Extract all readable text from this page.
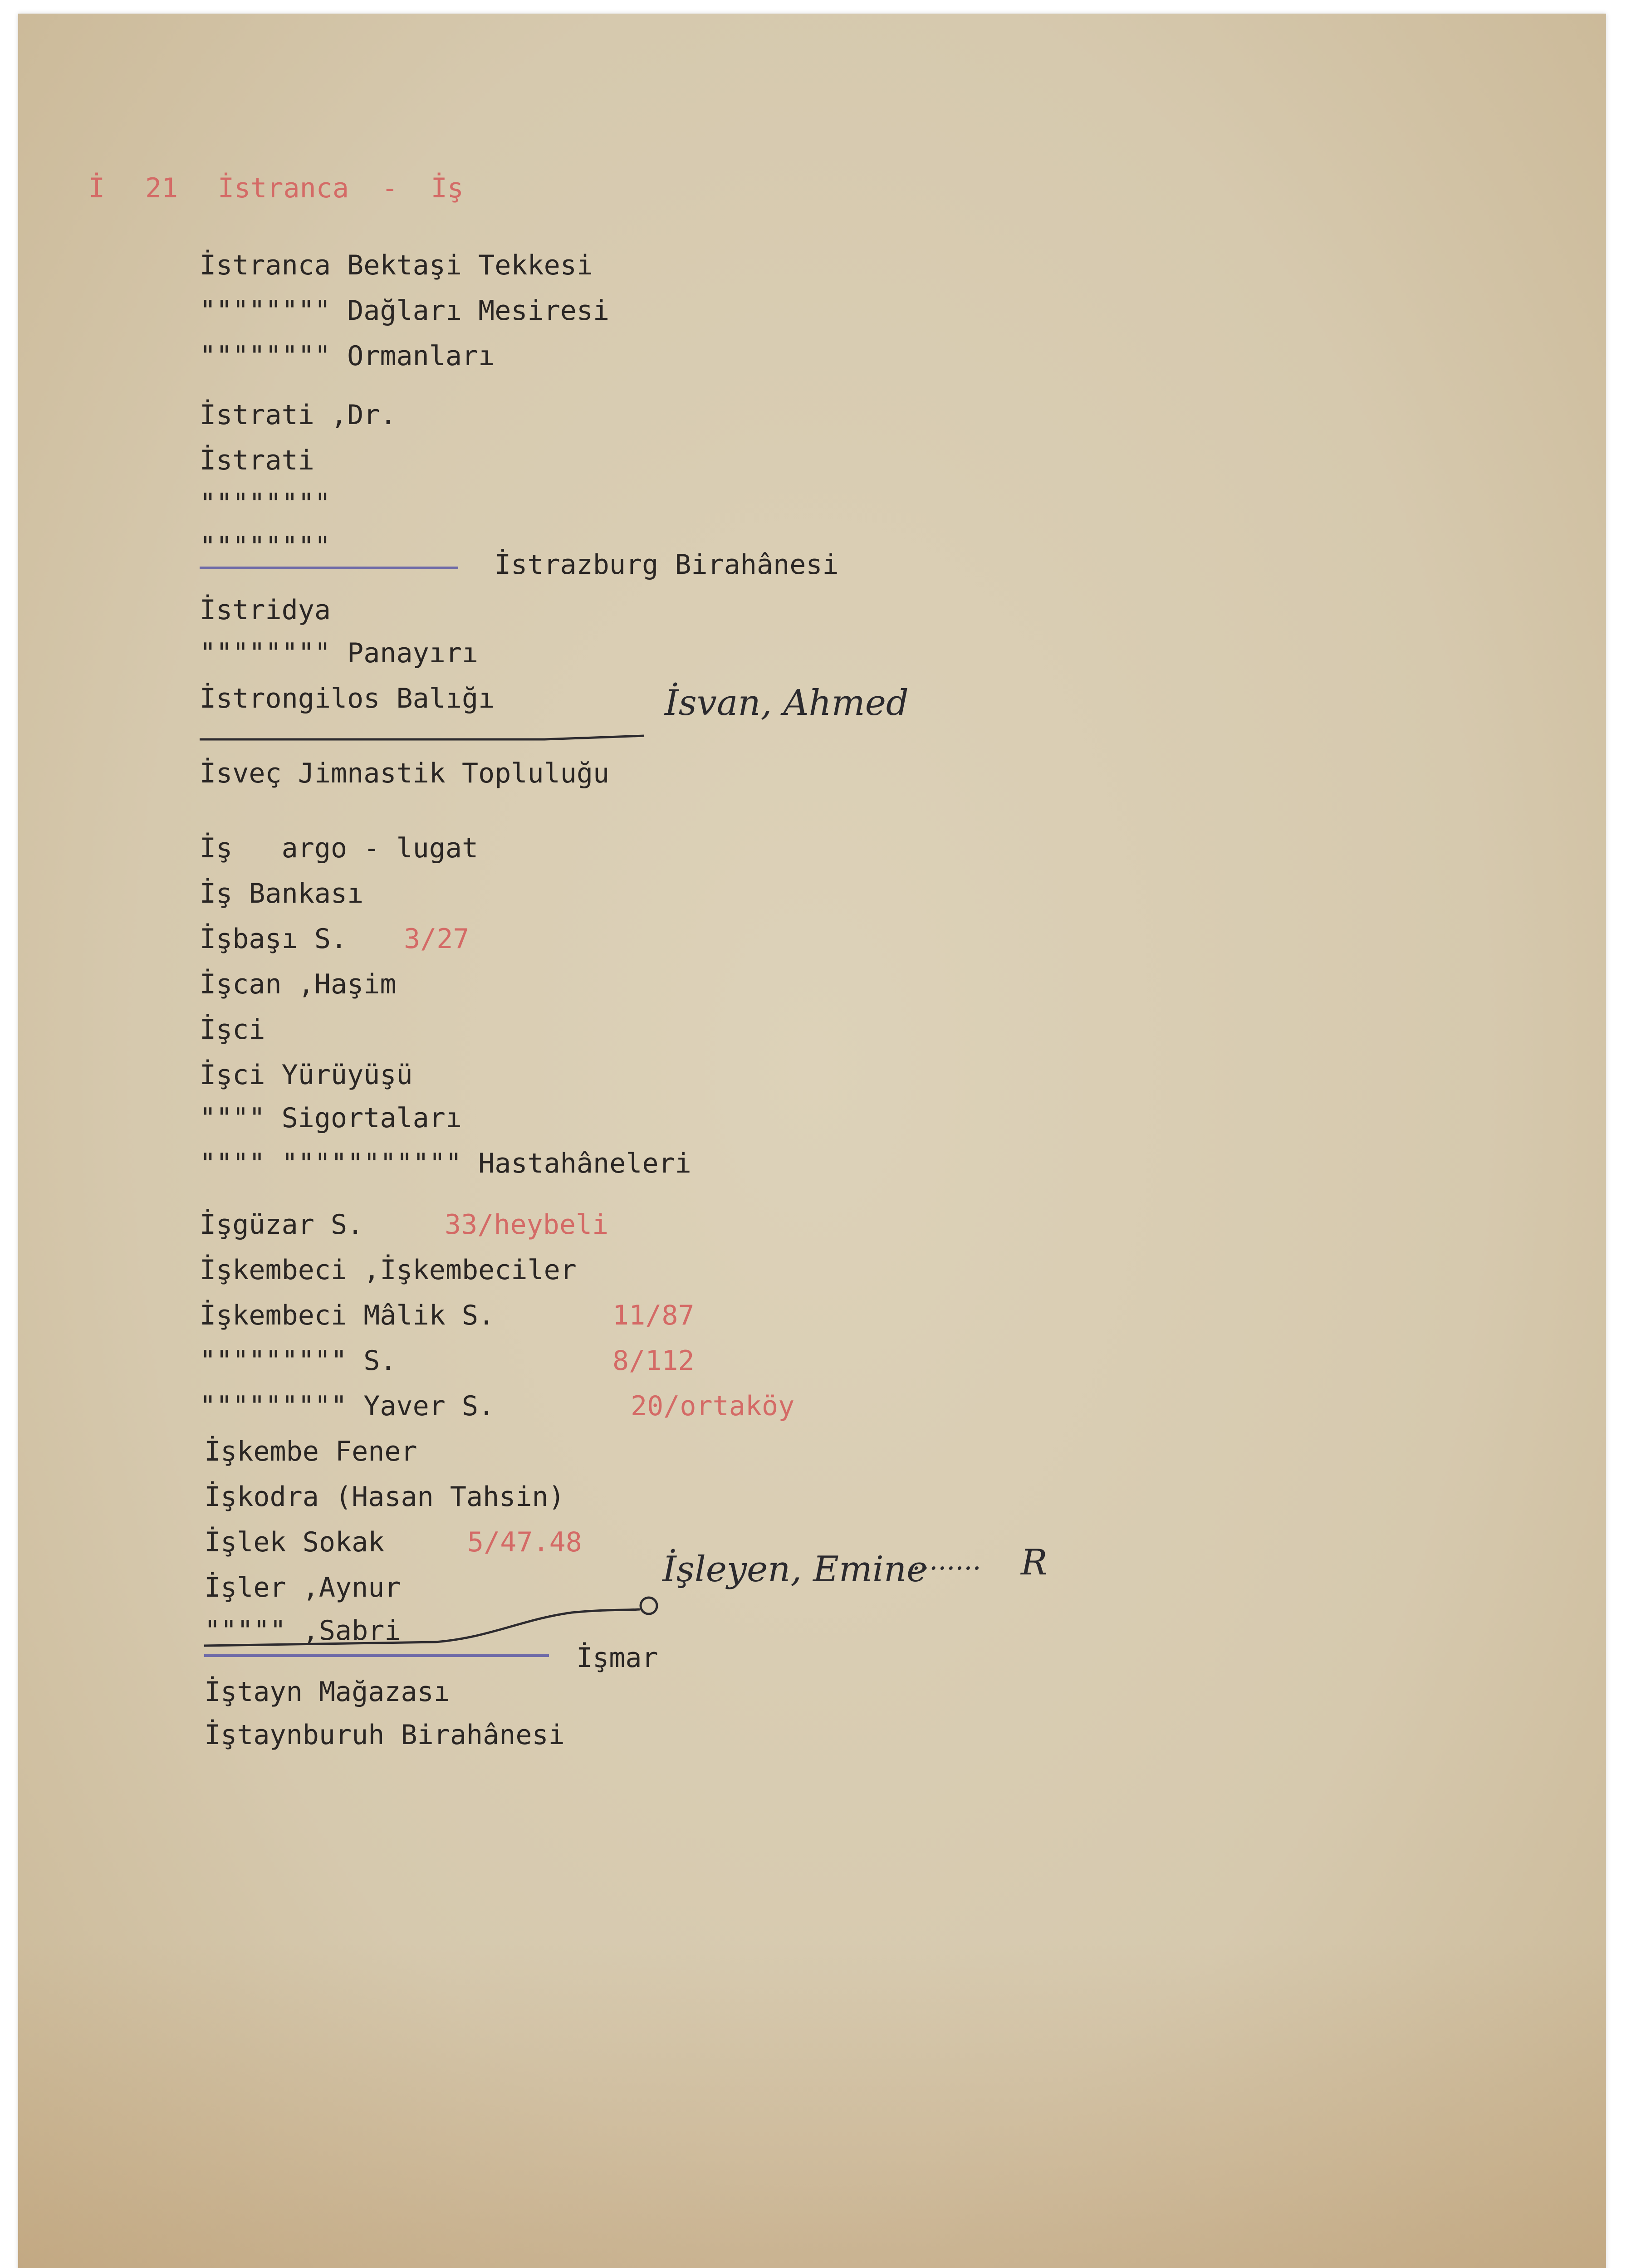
İ 21 İstranca  -  İş
İstranca Bektaşi Tekkesi
"""""""" Dağları Mesiresi
"""""""" Ormanları
İstrati ,Dr.
İstrati
""""""""
""""""""
İstrazburg Birahânesi
İstridya
"""""""" Panayırı
İstrongilos Balığı
İsveç Jimnastik Topluluğu
İş   argo - lugat
İş Bankası
İşbaşı S. 3/27
İşcan ,Haşim
İşci
İşci Yürüyüşü
"""" Sigortaları
"""" """"""""""" Hastahâneleri
İşgüzar S.	33/heybeli
İşkembeci ,İşkembeciler
İşkembeci Mâlik S.	11/87
""""""""" S.	8/112
""""""""" Yaver S.	20/ortaköy
İşkembe Fener
İşkodra (Hasan Tahsin)
İşlek Sokak	5/47.48
İşler ,Aynur
""""" ,Sabri
İşmar
İştayn Mağazası
İştaynburuh Birahânesi
İsvan, Ahmed
İşleyen, Emine
........ R
